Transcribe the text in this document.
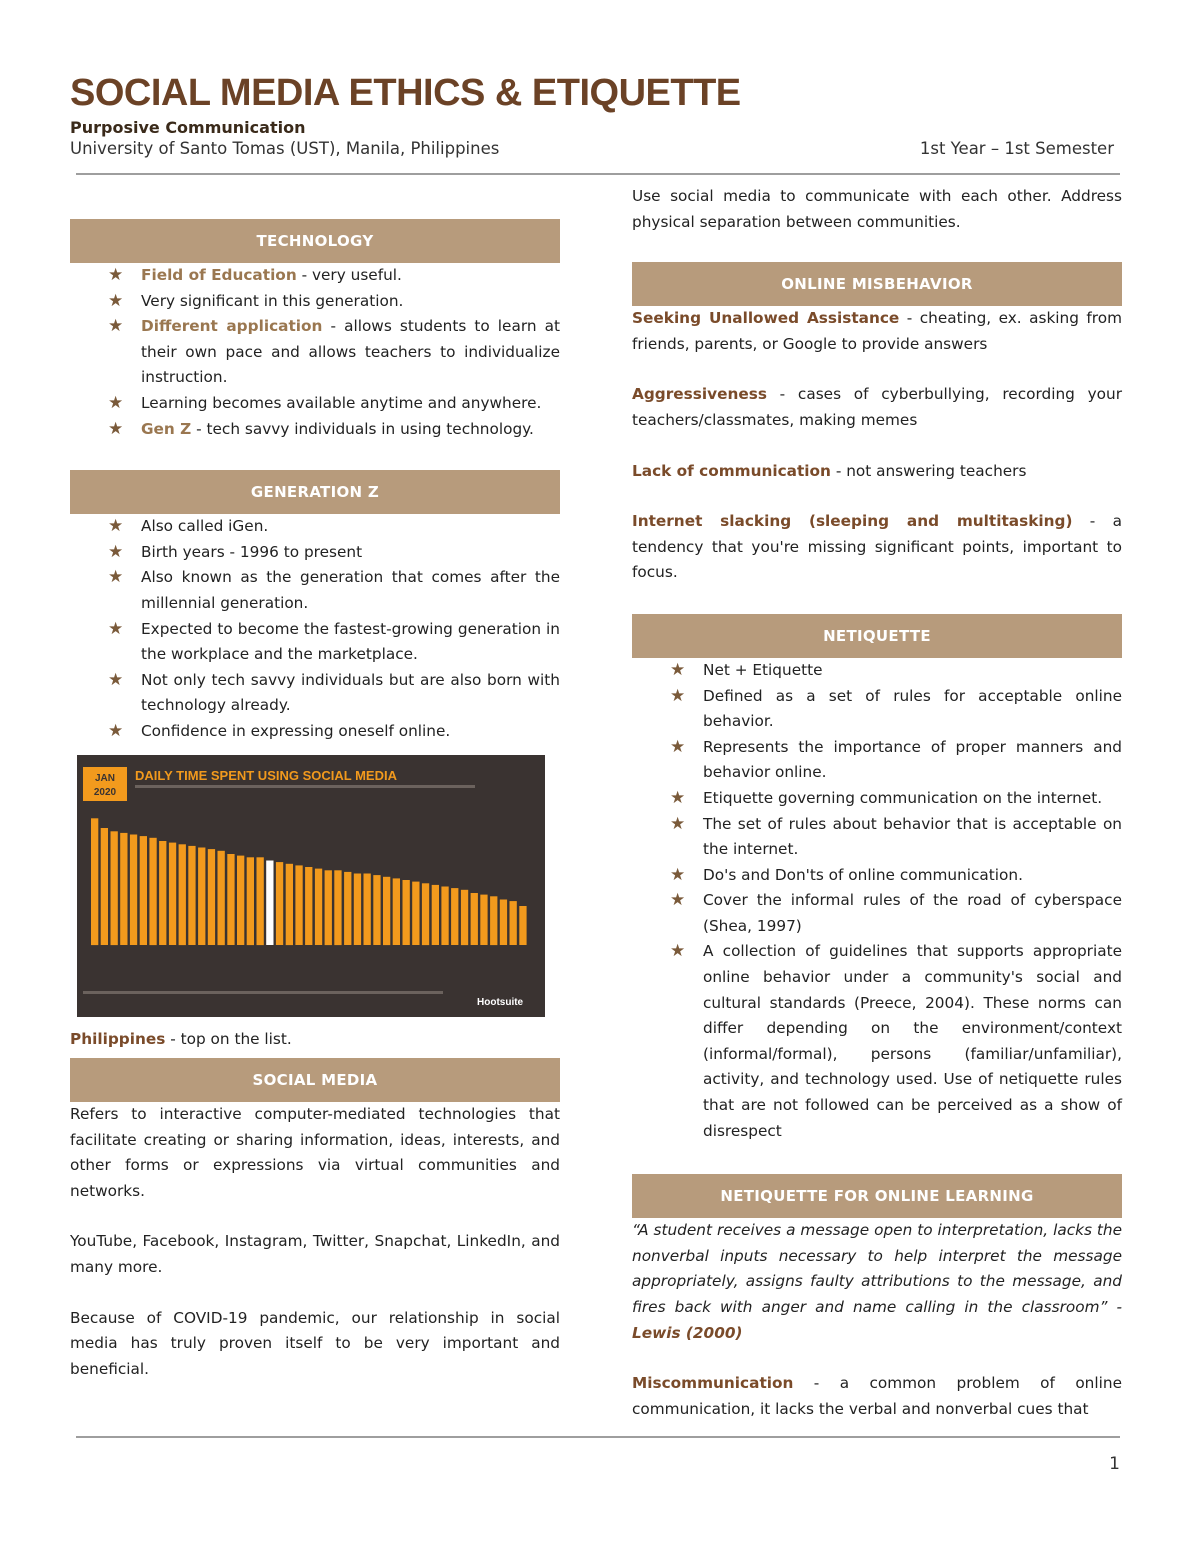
SOCIAL MEDIA ETHICS & ETIQUETTE
Purposive Communication
University of Santo Tomas (UST), Manila, Philippines	1st Year – 1st Semester
TECHNOLOGY
★ Field of Education - very useful.
★ Very significant in this generation.
★ Different application - allows students to learn at their own pace and allows teachers to individualize instruction.
★ Learning becomes available anytime and anywhere.
★ Gen Z - tech savvy individuals in using technology.
GENERATION Z
★ Also called iGen.
★ Birth years - 1996 to present
★ Also known as the generation that comes after the millennial generation.
★ Expected to become the fastest-growing generation in the workplace and the marketplace.
★ Not only tech savvy individuals but are also born with technology already.
★ Confidence in expressing oneself online.
JAN
2020
DAILY TIME SPENT USING SOCIAL MEDIA
Hootsuite
Philippines - top on the list.
SOCIAL MEDIA

Refers to interactive computer-mediated technologies that facilitate creating or sharing information, ideas, interests, and other forms or expressions via virtual communities and networks.

YouTube, Facebook, Instagram, Twitter, Snapchat, LinkedIn, and many more.

Because of COVID-19 pandemic, our relationship in social media has truly proven itself to be very important and beneficial.

Use social media to communicate with each other. Address physical separation between communities.

ONLINE MISBEHAVIOR

Seeking Unallowed Assistance - cheating, ex. asking from friends, parents, or Google to provide answers

Aggressiveness - cases of cyberbullying, recording your teachers/classmates, making memes

Lack of communication - not answering teachers

Internet slacking (sleeping and multitasking) - a tendency that you're missing significant points, important to focus.

NETIQUETTE
★ Net + Etiquette
★ Defined as a set of rules for acceptable online behavior.
★ Represents the importance of proper manners and behavior online.
★ Etiquette governing communication on the internet.
★ The set of rules about behavior that is acceptable on the internet.
★ Do's and Don'ts of online communication.
★ Cover the informal rules of the road of cyberspace (Shea, 1997)
★ A collection of guidelines that supports appropriate online behavior under a community's social and cultural standards (Preece, 2004). These norms can differ depending on the environment/context (informal/formal), persons (familiar/unfamiliar), activity, and technology used. Use of netiquette rules that are not followed can be perceived as a show of disrespect
NETIQUETTE FOR ONLINE LEARNING

“A student receives a message open to interpretation, lacks the nonverbal inputs necessary to help interpret the message appropriately, assigns faulty attributions to the message, and fires back with anger and name calling in the classroom” - Lewis (2000)

Miscommunication - a common problem of online communication, it lacks the verbal and nonverbal cues that

1
